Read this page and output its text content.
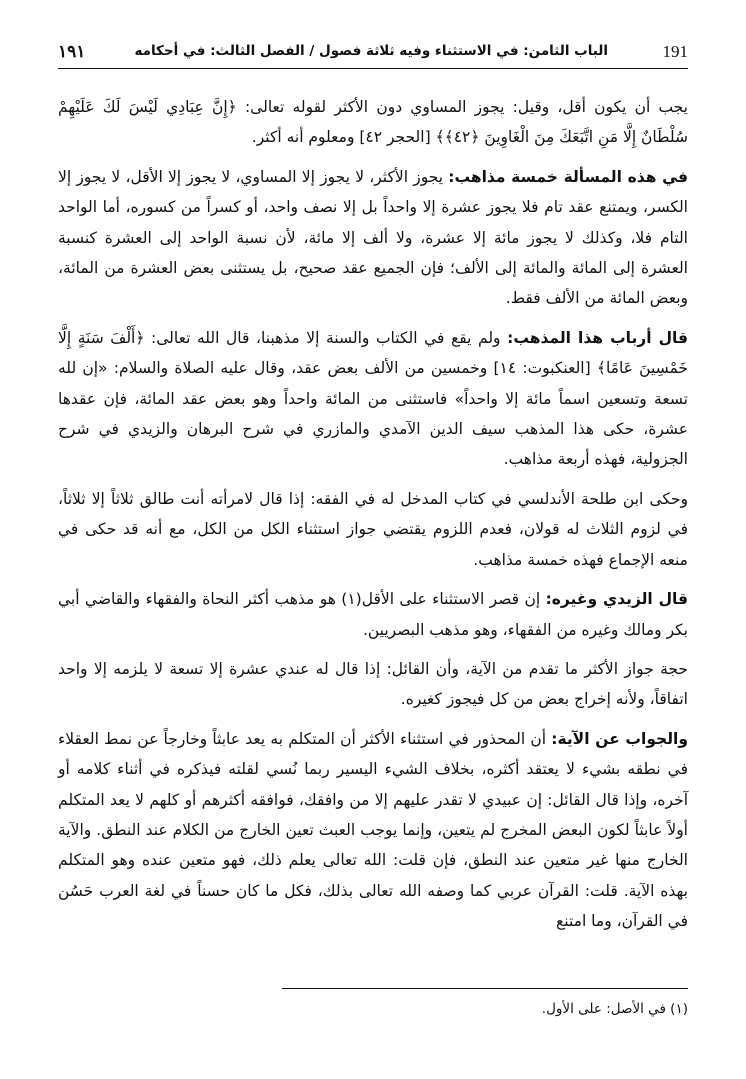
191
الباب الثامن: في الاستثناء وفيه ثلاثة فصول / الفصل الثالث: في أحكامه
١٩١

يجب أن يكون أقل، وقيل: يجوز المساوي دون الأكثر لقوله تعالى: ﴿إِنَّ عِبَادِي لَيْسَ لَكَ عَلَيْهِمْ سُلْطَانٌ إِلَّا مَنِ اتَّبَعَكَ مِنَ الْغَاوِينَ ﴿٤٢﴾﴾ [الحجر ٤٢] ومعلوم أنه أكثر.

في هذه المسألة خمسة مذاهب: يجوز الأكثر، لا يجوز إلا المساوي، لا يجوز إلا الأقل، لا يجوز إلا الكسر، ويمتنع عقد تام فلا يجوز عشرة إلا واحداً بل إلا نصف واحد، أو كسراً من كسوره، أما الواحد التام فلا، وكذلك لا يجوز مائة إلا عشرة، ولا ألف إلا مائة، لأن نسبة الواحد إلى العشرة كنسبة العشرة إلى المائة والمائة إلى الألف؛ فإن الجميع عقد صحيح، بل يستثنى بعض العشرة من المائة، وبعض المائة من الألف فقط.

قال أرباب هذا المذهب: ولم يقع في الكتاب والسنة إلا مذهبنا، قال الله تعالى: ﴿أَلْفَ سَنَةٍ إِلَّا خَمْسِينَ عَامًا﴾ [العنكبوت: ١٤] وخمسين من الألف بعض عقد، وقال عليه الصلاة والسلام: «إن لله تسعة وتسعين اسماً مائة إلا واحداً» فاستثنى من المائة واحداً وهو بعض عقد المائة، فإن عقدها عشرة، حكى هذا المذهب سيف الدين الآمدي والمازري في شرح البرهان والزيدي في شرح الجزولية، فهذه أربعة مذاهب.

وحكى ابن طلحة الأندلسي في كتاب المدخل له في الفقه: إذا قال لامرأته أنت طالق ثلاثاً إلا ثلاثاً، في لزوم الثلاث له قولان، فعدم اللزوم يقتضي جواز استثناء الكل من الكل، مع أنه قد حكى في منعه الإجماع فهذه خمسة مذاهب.

قال الزيدي وغيره: إن قصر الاستثناء على الأقل(١) هو مذهب أكثر النحاة والفقهاء والقاضي أبي بكر ومالك وغيره من الفقهاء، وهو مذهب البصريين.

حجة جواز الأكثر ما تقدم من الآية، وأن القائل: إذا قال له عندي عشرة إلا تسعة لا يلزمه إلا واحد اتفاقاً، ولأنه إخراج بعض من كل فيجوز كغيره.

والجواب عن الآية: أن المحذور في استثناء الأكثر أن المتكلم به يعد عابثاً وخارجاً عن نمط العقلاء في نطقه بشيء لا يعتقد أكثره، بخلاف الشيء اليسير ربما نُسي لقلته فيذكره في أثناء كلامه أو آخره، وإذا قال القائل: إن عبيدي لا تقدر عليهم إلا من وافقك، فوافقه أكثرهم أو كلهم لا يعد المتكلم أولاً عابثاً لكون البعض المخرج لم يتعين، وإنما يوجب العبث تعين الخارج من الكلام عند النطق. والآية الخارج منها غير متعين عند النطق، فإن قلت: الله تعالى يعلم ذلك، فهو متعين عنده وهو المتكلم بهذه الآية. قلت: القرآن عربي كما وصفه الله تعالى بذلك، فكل ما كان حسناً في لغة العرب حَسُن في القرآن، وما امتنع

(١) في الأصل: على الأول.
